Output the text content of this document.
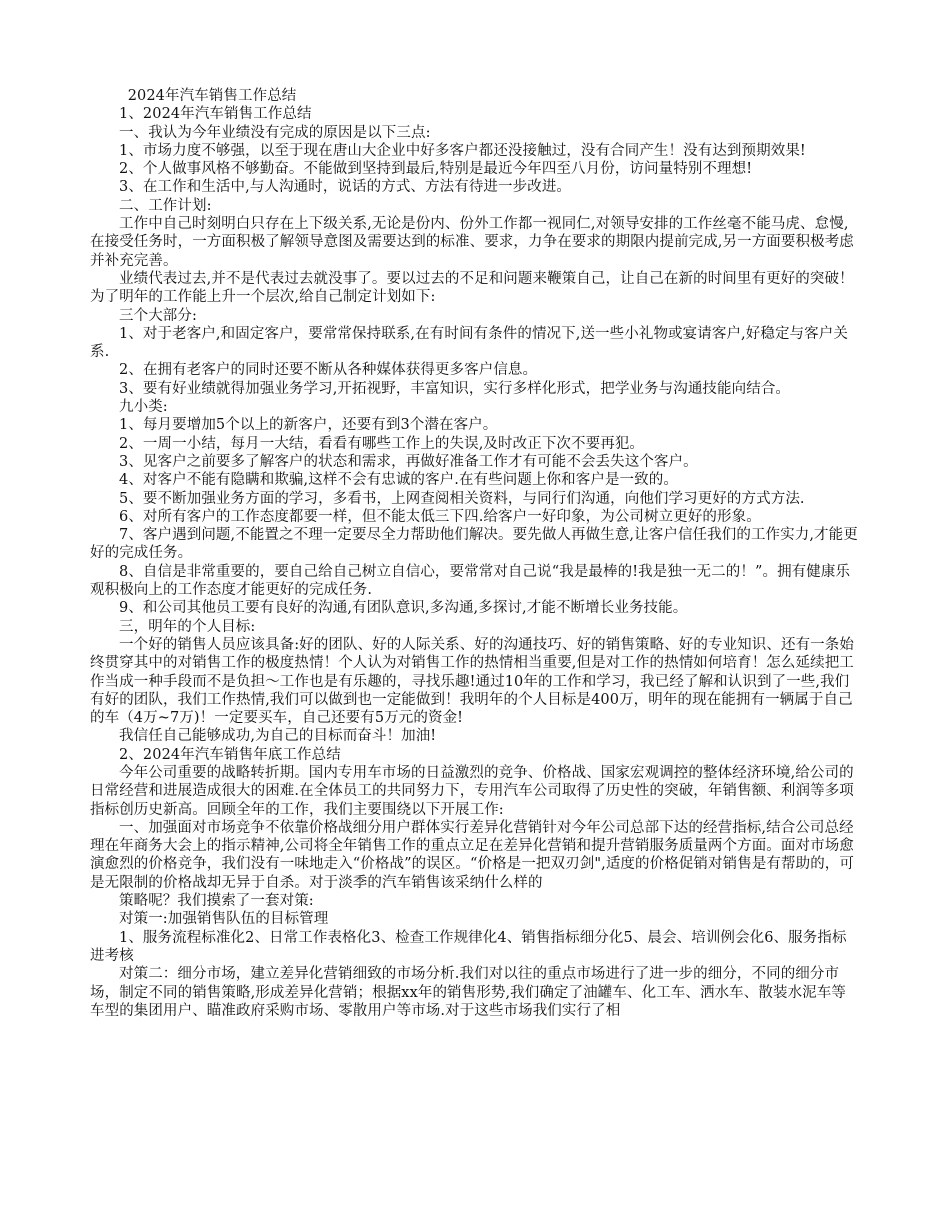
2024年汽车销售工作总结

1、2024年汽车销售工作总结

一、我认为今年业绩没有完成的原因是以下三点:

1、市场力度不够强，以至于现在唐山大企业中好多客户都还没接触过，没有合同产生！没有达到预期效果!

2、个人做事风格不够勤奋。不能做到坚持到最后,特别是最近今年四至八月份，访问量特别不理想!

3、在工作和生活中,与人沟通时，说话的方式、方法有待进一步改进。

二、工作计划:

工作中自己时刻明白只存在上下级关系,无论是份内、份外工作都一视同仁,对领导安排的工作丝毫不能马虎、怠慢,在接受任务时，一方面积极了解领导意图及需要达到的标准、要求，力争在要求的期限内提前完成,另一方面要积极考虑并补充完善。

业绩代表过去,并不是代表过去就没事了。要以过去的不足和问题来鞭策自己，让自己在新的时间里有更好的突破！为了明年的工作能上升一个层次,给自己制定计划如下:

三个大部分:

1、对于老客户,和固定客户，要常常保持联系,在有时间有条件的情况下,送一些小礼物或宴请客户,好稳定与客户关系.

2、在拥有老客户的同时还要不断从各种媒体获得更多客户信息。

3、要有好业绩就得加强业务学习,开拓视野，丰富知识，实行多样化形式，把学业务与沟通技能向结合。

九小类:

1、每月要增加5个以上的新客户，还要有到3个潜在客户。

2、一周一小结，每月一大结，看看有哪些工作上的失误,及时改正下次不要再犯。

3、见客户之前要多了解客户的状态和需求，再做好准备工作才有可能不会丢失这个客户。

4、对客户不能有隐瞒和欺骗,这样不会有忠诚的客户.在有些问题上你和客户是一致的。

5、要不断加强业务方面的学习，多看书，上网查阅相关资料，与同行们沟通，向他们学习更好的方式方法.

6、对所有客户的工作态度都要一样，但不能太低三下四.给客户一好印象，为公司树立更好的形象。

7、客户遇到问题,不能置之不理一定要尽全力帮助他们解决。要先做人再做生意,让客户信任我们的工作实力,才能更好的完成任务。

8、自信是非常重要的，要自己给自己树立自信心，要常常对自己说“我是最棒的!我是独一无二的！”。拥有健康乐观积极向上的工作态度才能更好的完成任务.

9、和公司其他员工要有良好的沟通,有团队意识,多沟通,多探讨,才能不断增长业务技能。

三，明年的个人目标:

一个好的销售人员应该具备:好的团队、好的人际关系、好的沟通技巧、好的销售策略、好的专业知识、还有一条始终贯穿其中的对销售工作的极度热情！个人认为对销售工作的热情相当重要,但是对工作的热情如何培育！怎么延续把工作当成一种手段而不是负担～工作也是有乐趣的，寻找乐趣!通过10年的工作和学习，我已经了解和认识到了一些,我们有好的团队，我们工作热情,我们可以做到也一定能做到！我明年的个人目标是400万，明年的现在能拥有一辆属于自己的车（4万~7万)！一定要买车，自己还要有5万元的资金!

我信任自己能够成功,为自己的目标而奋斗！加油!

2、2024年汽车销售年底工作总结

今年公司重要的战略转折期。国内专用车市场的日益激烈的竞争、价格战、国家宏观调控的整体经济环境,给公司的日常经营和进展造成很大的困难.在全体员工的共同努力下，专用汽车公司取得了历史性的突破，年销售额、利润等多项指标创历史新高。回顾全年的工作，我们主要围绕以下开展工作:

一、加强面对市场竞争不依靠价格战细分用户群体实行差异化营销针对今年公司总部下达的经营指标,结合公司总经理在年商务大会上的指示精神,公司将全年销售工作的重点立足在差异化营销和提升营销服务质量两个方面。面对市场愈演愈烈的价格竞争，我们没有一味地走入“价格战”的误区。“价格是一把双刃剑",适度的价格促销对销售是有帮助的，可是无限制的价格战却无异于自杀。对于淡季的汽车销售该采纳什么样的

策略呢？我们摸索了一套对策:

对策一:加强销售队伍的目标管理

1、服务流程标准化2、日常工作表格化3、检查工作规律化4、销售指标细分化5、晨会、培训例会化6、服务指标进考核

对策二：细分市场，建立差异化营销细致的市场分析.我们对以往的重点市场进行了进一步的细分，不同的细分市场，制定不同的销售策略,形成差异化营销；根据xx年的销售形势,我们确定了油罐车、化工车、洒水车、散装水泥车等车型的集团用户、瞄准政府采购市场、零散用户等市场.对于这些市场我们实行了相
